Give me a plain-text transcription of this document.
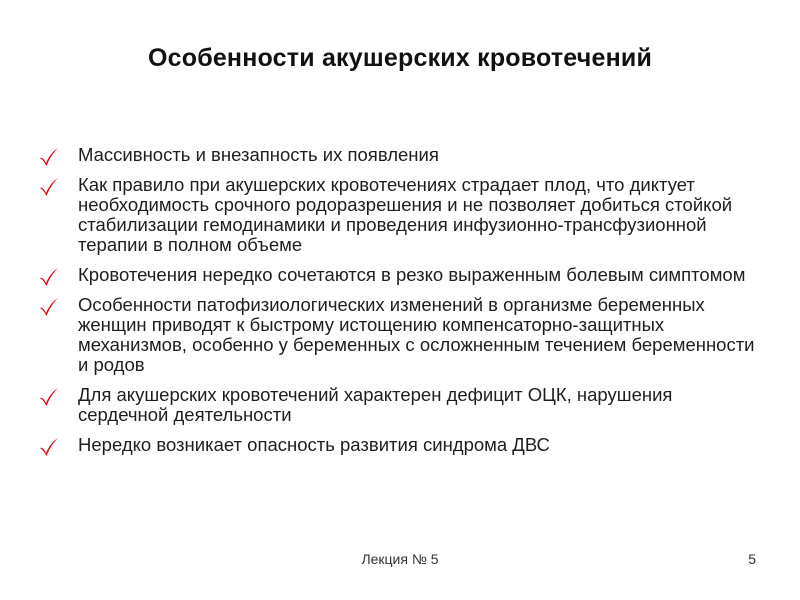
Особенности акушерских кровотечений
Массивность и внезапность их появления
Как правило при акушерских кровотечениях страдает плод, что диктует необходимость срочного родоразрешения и не позволяет добиться стойкой стабилизации гемодинамики и проведения инфузионно-трансфузионной терапии в полном объеме
Кровотечения нередко сочетаются в резко выраженным болевым симптомом
Особенности патофизиологических изменений в организме беременных женщин приводят к быстрому истощению компенсаторно-защитных механизмов, особенно у беременных с осложненным течением беременности и родов
Для акушерских кровотечений характерен дефицит ОЦК, нарушения сердечной деятельности
Нередко возникает опасность развития синдрома ДВС
Лекция № 5	5
